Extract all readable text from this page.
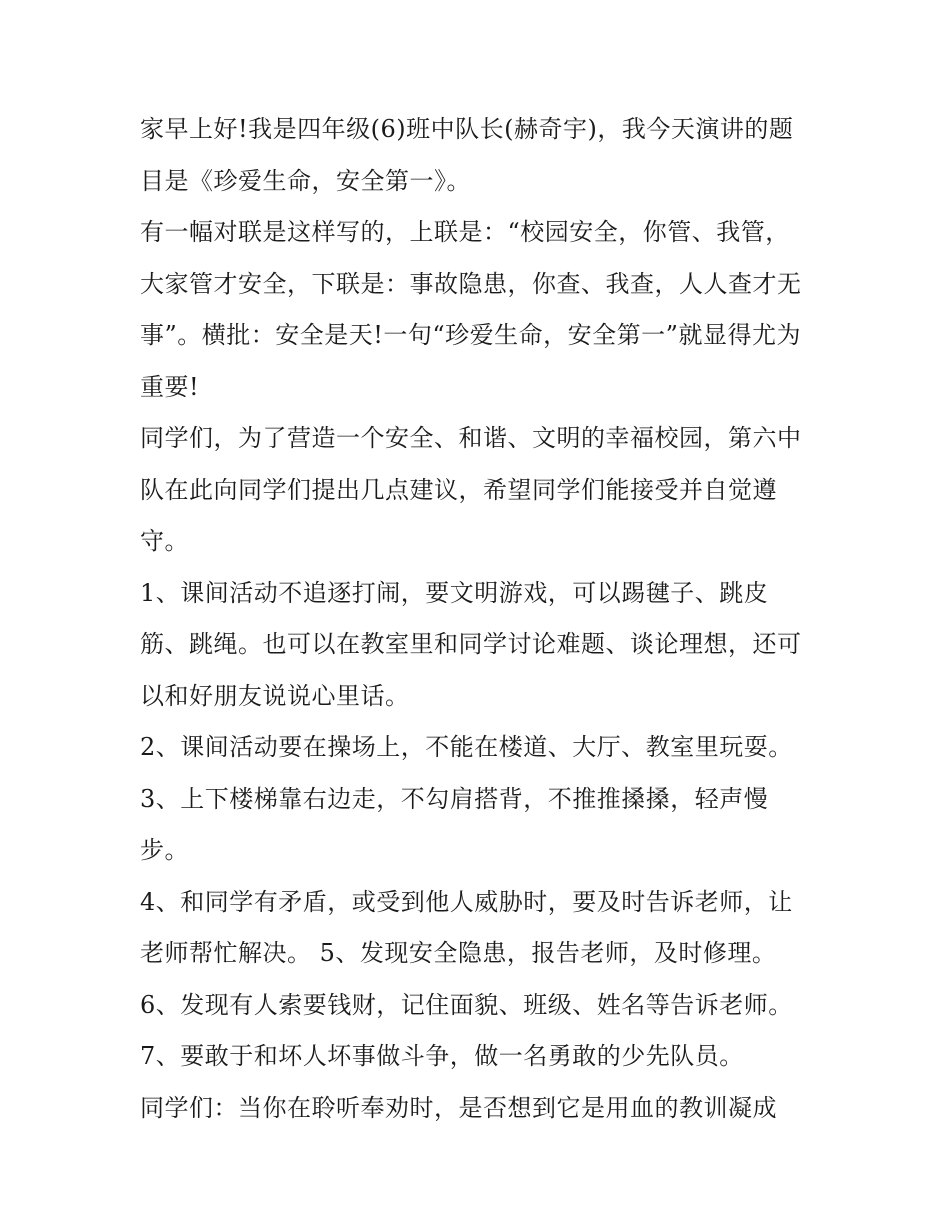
家早上好!我是四年级(6)班中队长(赫奇宇)，我今天演讲的题
目是《珍爱生命，安全第一》。
有一幅对联是这样写的，上联是：“校园安全，你管、我管，
大家管才安全，下联是：事故隐患，你查、我查，人人查才无
事”。横批：安全是天!一句“珍爱生命，安全第一”就显得尤为
重要!
同学们，为了营造一个安全、和谐、文明的幸福校园，第六中
队在此向同学们提出几点建议，希望同学们能接受并自觉遵
守。
1、课间活动不追逐打闹，要文明游戏，可以踢毽子、跳皮
筋、跳绳。也可以在教室里和同学讨论难题、谈论理想，还可
以和好朋友说说心里话。
2、课间活动要在操场上，不能在楼道、大厅、教室里玩耍。
3、上下楼梯靠右边走，不勾肩搭背，不推推搡搡，轻声慢
步。
4、和同学有矛盾，或受到他人威胁时，要及时告诉老师，让
老师帮忙解决。 5、发现安全隐患，报告老师，及时修理。
6、发现有人索要钱财，记住面貌、班级、姓名等告诉老师。
7、要敢于和坏人坏事做斗争，做一名勇敢的少先队员。
同学们：当你在聆听奉劝时，是否想到它是用血的教训凝成
